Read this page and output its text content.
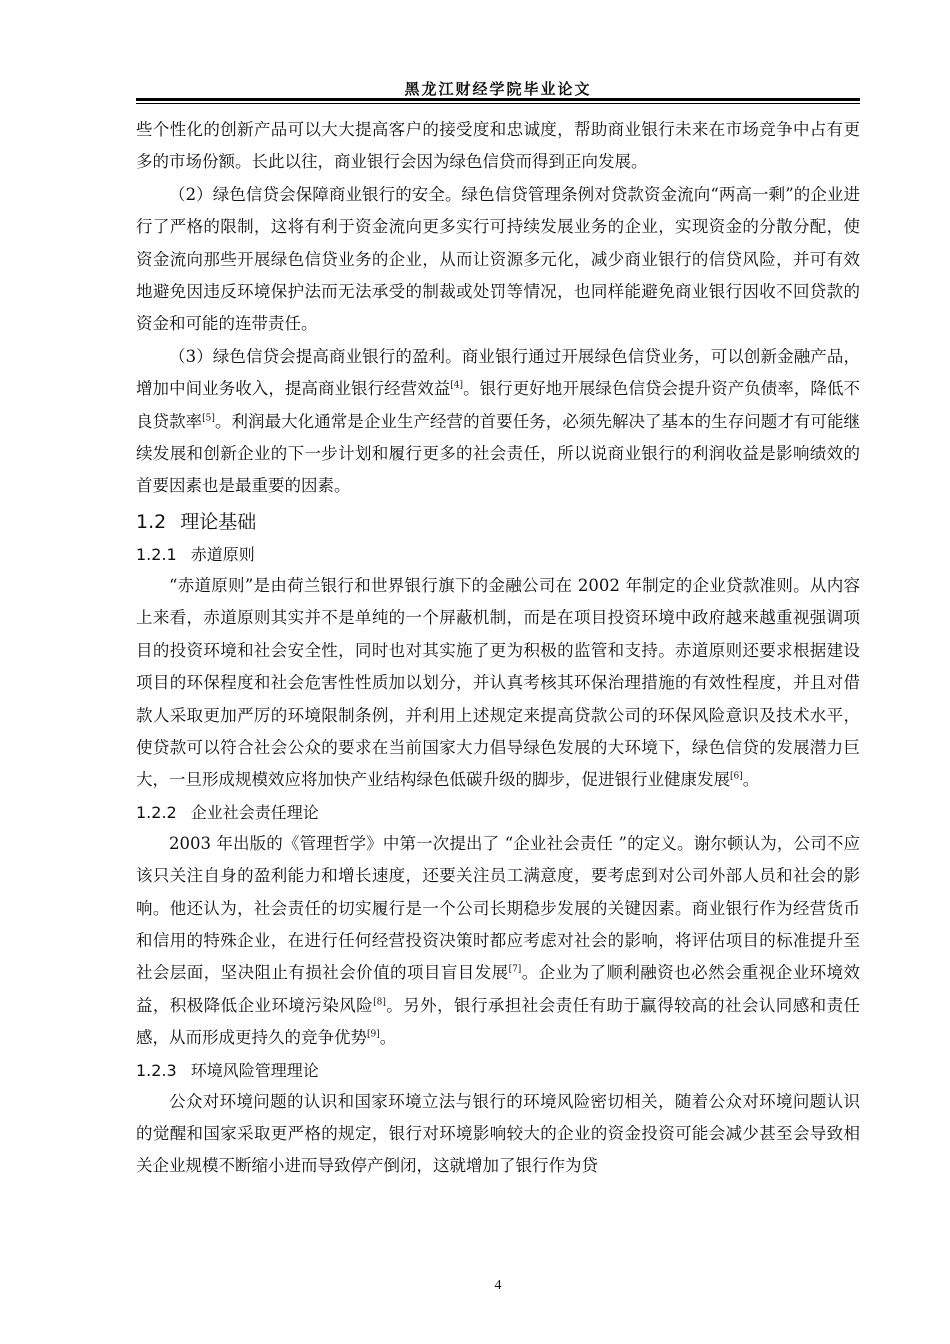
黑龙江财经学院毕业论文

些个性化的创新产品可以大大提高客户的接受度和忠诚度，帮助商业银行未来在市场竞争中占有更多的市场份额。长此以往，商业银行会因为绿色信贷而得到正向发展。

（2）绿色信贷会保障商业银行的安全。绿色信贷管理条例对贷款资金流向“两高一剩”的企业进行了严格的限制，这将有利于资金流向更多实行可持续发展业务的企业，实现资金的分散分配，使资金流向那些开展绿色信贷业务的企业，从而让资源多元化，减少商业银行的信贷风险，并可有效地避免因违反环境保护法而无法承受的制裁或处罚等情况，也同样能避免商业银行因收不回贷款的资金和可能的连带责任。

（3）绿色信贷会提高商业银行的盈利。商业银行通过开展绿色信贷业务，可以创新金融产品，增加中间业务收入，提高商业银行经营效益[4]。银行更好地开展绿色信贷会提升资产负债率，降低不良贷款率[5]。利润最大化通常是企业生产经营的首要任务，必须先解决了基本的生存问题才有可能继续发展和创新企业的下一步计划和履行更多的社会责任，所以说商业银行的利润收益是影响绩效的首要因素也是最重要的因素。

1.2 理论基础
1.2.1 赤道原则

“赤道原则”是由荷兰银行和世界银行旗下的金融公司在 2002 年制定的企业贷款准则。从内容上来看，赤道原则其实并不是单纯的一个屏蔽机制，而是在项目投资环境中政府越来越重视强调项目的投资环境和社会安全性，同时也对其实施了更为积极的监管和支持。赤道原则还要求根据建设项目的环保程度和社会危害性性质加以划分，并认真考核其环保治理措施的有效性程度，并且对借款人采取更加严厉的环境限制条例，并利用上述规定来提高贷款公司的环保风险意识及技术水平，使贷款可以符合社会公众的要求在当前国家大力倡导绿色发展的大环境下，绿色信贷的发展潜力巨大，一旦形成规模效应将加快产业结构绿色低碳升级的脚步，促进银行业健康发展[6]。

1.2.2 企业社会责任理论

2003 年出版的《管理哲学》中第一次提出了 “企业社会责任 ”的定义。谢尔顿认为，公司不应该只关注自身的盈利能力和增长速度，还要关注员工满意度，要考虑到对公司外部人员和社会的影响。他还认为，社会责任的切实履行是一个公司长期稳步发展的关键因素。商业银行作为经营货币和信用的特殊企业，在进行任何经营投资决策时都应考虑对社会的影响，将评估项目的标准提升至社会层面，坚决阻止有损社会价值的项目盲目发展[7]。企业为了顺利融资也必然会重视企业环境效益，积极降低企业环境污染风险[8]。另外，银行承担社会责任有助于赢得较高的社会认同感和责任感，从而形成更持久的竞争优势[9]。

1.2.3 环境风险管理理论

公众对环境问题的认识和国家环境立法与银行的环境风险密切相关，随着公众对环境问题认识的觉醒和国家采取更严格的规定，银行对环境影响较大的企业的资金投资可能会减少甚至会导致相关企业规模不断缩小进而导致停产倒闭，这就增加了银行作为贷

4
